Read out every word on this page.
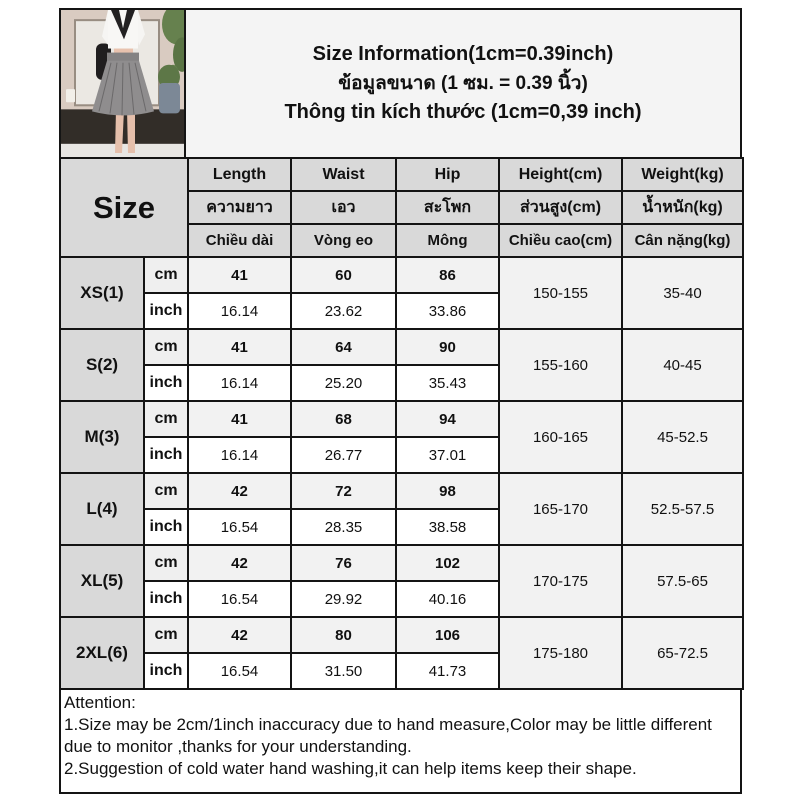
Size Information(1cm=0.39inch)
ข้อมูลขนาด (1 ซม. = 0.39 นิ้ว)
Thông tin kích thước (1cm=0,39 inch)
Size		Length	Waist	Hip	Height(cm)	Weight(kg)
		ความยาว	เอว	สะโพก	ส่วนสูง(cm)	น้ำหนัก(kg)
		Chiều dài	Vòng eo	Mông	Chiều cao(cm)	Cân nặng(kg)
XS(1)	cm	41	60	86	150-155	35-40
	inch	16.14	23.62	33.86		
S(2)	cm	41	64	90	155-160	40-45
	inch	16.14	25.20	35.43		
M(3)	cm	41	68	94	160-165	45-52.5
	inch	16.14	26.77	37.01		
L(4)	cm	42	72	98	165-170	52.5-57.5
	inch	16.54	28.35	38.58		
XL(5)	cm	42	76	102	170-175	57.5-65
	inch	16.54	29.92	40.16		
2XL(6)	cm	42	80	106	175-180	65-72.5
	inch	16.54	31.50	41.73		
Attention:
1.Size may be 2cm/1inch inaccuracy due to hand measure,Color may be little different due to monitor ,thanks for your understanding.
2.Suggestion of cold water hand washing,it can help items keep their shape.
